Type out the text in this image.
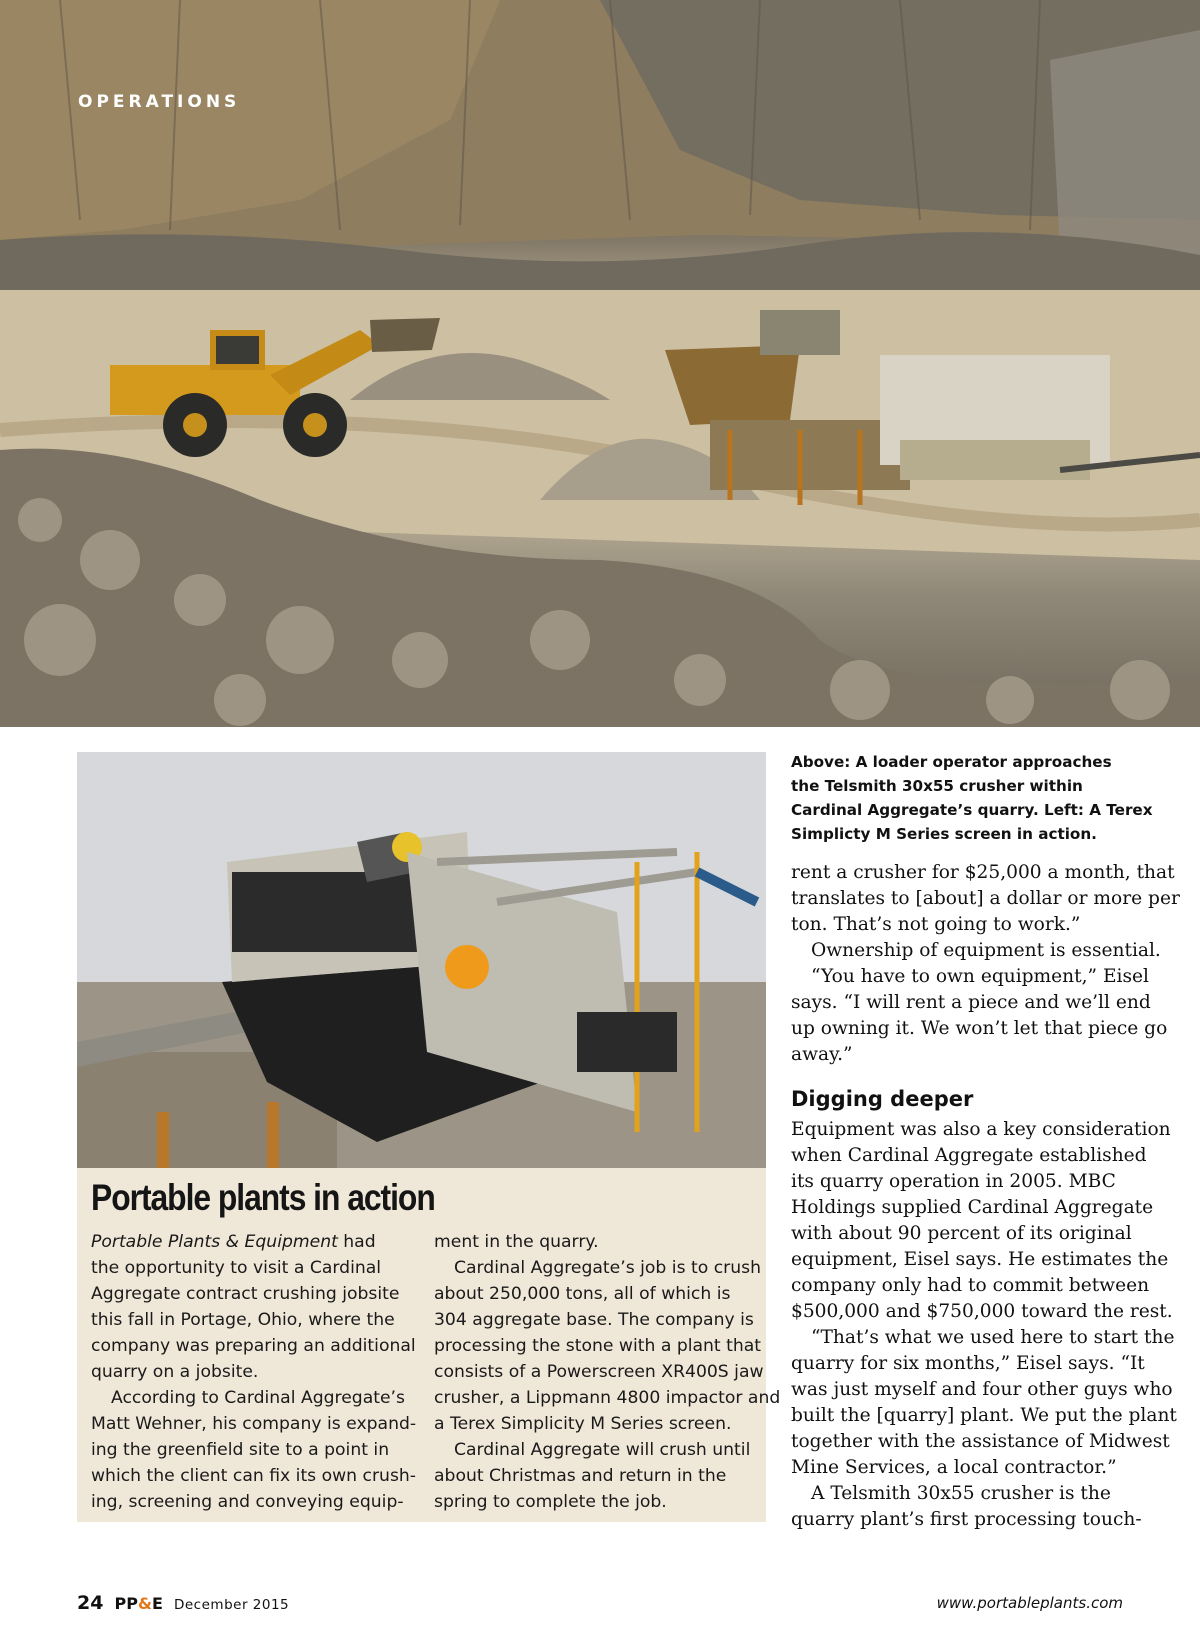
OPERATIONS
Portable plants in action
Portable Plants & Equipment had
the opportunity to visit a Cardinal
Aggregate contract crushing jobsite
this fall in Portage, Ohio, where the
company was preparing an additional
quarry on a jobsite.
According to Cardinal Aggregate’s
Matt Wehner, his company is expand-
ing the greenfield site to a point in
which the client can fix its own crush-
ing, screening and conveying equip-
ment in the quarry.
Cardinal Aggregate’s job is to crush
about 250,000 tons, all of which is
304 aggregate base. The company is
processing the stone with a plant that
consists of a Powerscreen XR400S jaw
crusher, a Lippmann 4800 impactor and
a Terex Simplicity M Series screen.
Cardinal Aggregate will crush until
about Christmas and return in the
spring to complete the job.
Above: A loader operator approaches
the Telsmith 30x55 crusher within
Cardinal Aggregate’s quarry. Left: A Terex
Simplicty M Series screen in action.
rent a crusher for $25,000 a month, that
translates to [about] a dollar or more per
ton. That’s not going to work.”
Ownership of equipment is essential.
“You have to own equipment,” Eisel
says. “I will rent a piece and we’ll end
up owning it. We won’t let that piece go
away.”
Digging deeper
Equipment was also a key consideration
when Cardinal Aggregate established
its quarry operation in 2005. MBC
Holdings supplied Cardinal Aggregate
with about 90 percent of its original
equipment, Eisel says. He estimates the
company only had to commit between
$500,000 and $750,000 toward the rest.
“That’s what we used here to start the
quarry for six months,” Eisel says. “It
was just myself and four other guys who
built the [quarry] plant. We put the plant
together with the assistance of Midwest
Mine Services, a local contractor.”
A Telsmith 30x55 crusher is the
quarry plant’s first processing touch-
24 PP&E December 2015	www.portableplants.com
